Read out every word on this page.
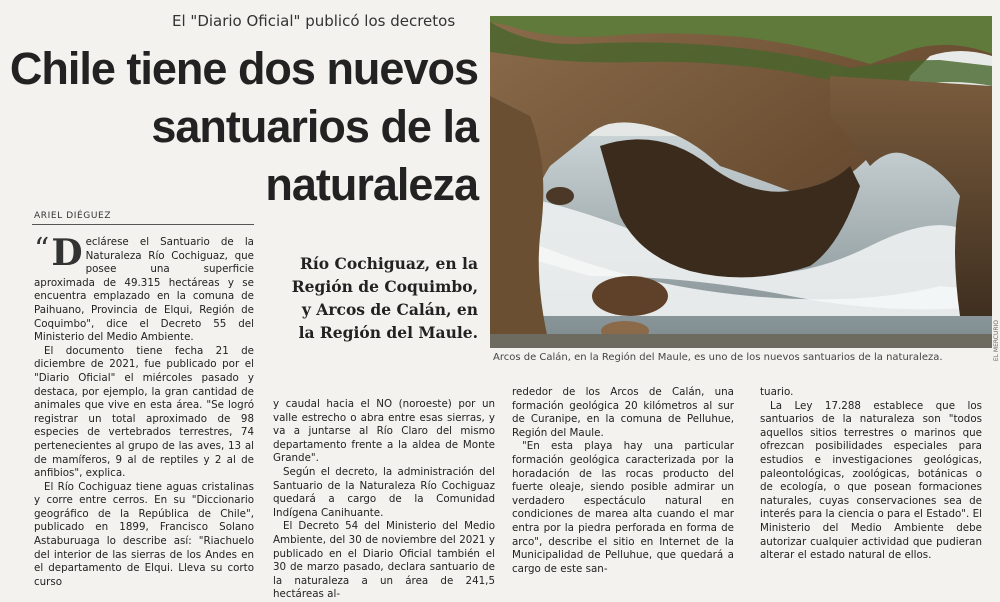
El "Diario Oficial" publicó los decretos
Chile tiene dos nuevos
santuarios de la
naturaleza
ARIEL DIÉGUEZ
Río Cochiguaz, en la Región de Coquimbo, y Arcos de Calán, en la Región del Maule.	EL MERCURIO
Arcos de Calán, en la Región del Maule, es uno de los nuevos santuarios de la naturaleza.

“ D eclárese el Santuario de la Naturaleza Río Cochiguaz, que posee una superficie aproximada de 49.315 hectáreas y se encuentra emplazado en la comuna de Paihuano, Provincia de Elqui, Región de Coquimbo", dice el Decreto 55 del Ministerio del Medio Ambiente.

El documento tiene fecha 21 de diciembre de 2021, fue publicado por el "Diario Oficial" el miércoles pasado y destaca, por ejemplo, la gran cantidad de animales que vive en esta área. "Se logró registrar un total aproximado de 98 especies de vertebrados terrestres, 74 pertenecientes al grupo de las aves, 13 al de mamíferos, 9 al de reptiles y 2 al de anfibios", explica.

El Río Cochiguaz tiene aguas cristalinas y corre entre cerros. En su "Diccionario geográfico de la República de Chile", publicado en 1899, Francisco Solano Astaburuaga lo describe así: "Riachuelo del interior de las sierras de los Andes en el departamento de Elqui. Lleva su corto curso

y caudal hacia el NO (noroeste) por un valle estrecho o abra entre esas sierras, y va a juntarse al Río Claro del mismo departamento frente a la aldea de Monte Grande".

Según el decreto, la administración del Santuario de la Naturaleza Río Cochiguaz quedará a cargo de la Comunidad Indígena Canihuante.

El Decreto 54 del Ministerio del Medio Ambiente, del 30 de noviembre del 2021 y publicado en el Diario Oficial también el 30 de marzo pasado, declara santuario de la naturaleza a un área de 241,5 hectáreas al-

rededor de los Arcos de Calán, una formación geológica 20 kilómetros al sur de Curanipe, en la comuna de Pelluhue, Región del Maule.

"En esta playa hay una particular formación geológica caracterizada por la horadación de las rocas producto del fuerte oleaje, siendo posible admirar un verdadero espectáculo natural en condiciones de marea alta cuando el mar entra por la piedra perforada en forma de arco", describe el sitio en Internet de la Municipalidad de Pelluhue, que quedará a cargo de este san-

tuario.

La Ley 17.288 establece que los santuarios de la naturaleza son "todos aquellos sitios terrestres o marinos que ofrezcan posibilidades especiales para estudios e investigaciones geológicas, paleontológicas, zoológicas, botánicas o de ecología, o que posean formaciones naturales, cuyas conservaciones sea de interés para la ciencia o para el Estado". El Ministerio del Medio Ambiente debe autorizar cualquier actividad que pudieran alterar el estado natural de ellos.
